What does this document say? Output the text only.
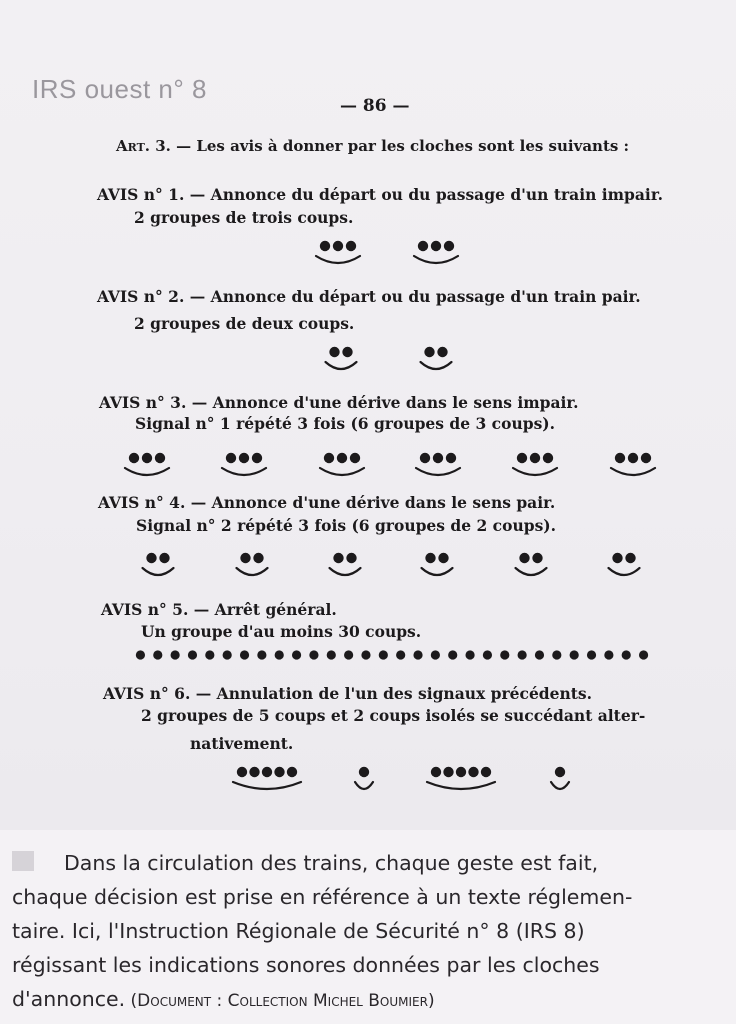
IRS ouest n° 8
— 86 —
Art. 3. — Les avis à donner par les cloches sont les suivants :
AVIS n° 1. — Annonce du départ ou du passage d'un train impair.
2 groupes de trois coups.
AVIS n° 2. — Annonce du départ ou du passage d'un train pair.
2 groupes de deux coups.
AVIS n° 3. — Annonce d'une dérive dans le sens impair.
Signal n° 1 répété 3 fois (6 groupes de 3 coups).
AVIS n° 4. — Annonce d'une dérive dans le sens pair.
Signal n° 2 répété 3 fois (6 groupes de 2 coups).
AVIS n° 5. — Arrêt général.
Un groupe d'au moins 30 coups.
AVIS n° 6. — Annulation de l'un des signaux précédents.
2 groupes de 5 coups et 2 coups isolés se succédant alter-
nativement.
Dans la circulation des trains, chaque geste est fait,
chaque décision est prise en référence à un texte réglemen-
taire. Ici, l'Instruction Régionale de Sécurité n° 8 (IRS 8)
régissant les indications sonores données par les cloches
d'annonce. (Document : Collection Michel Boumier)
